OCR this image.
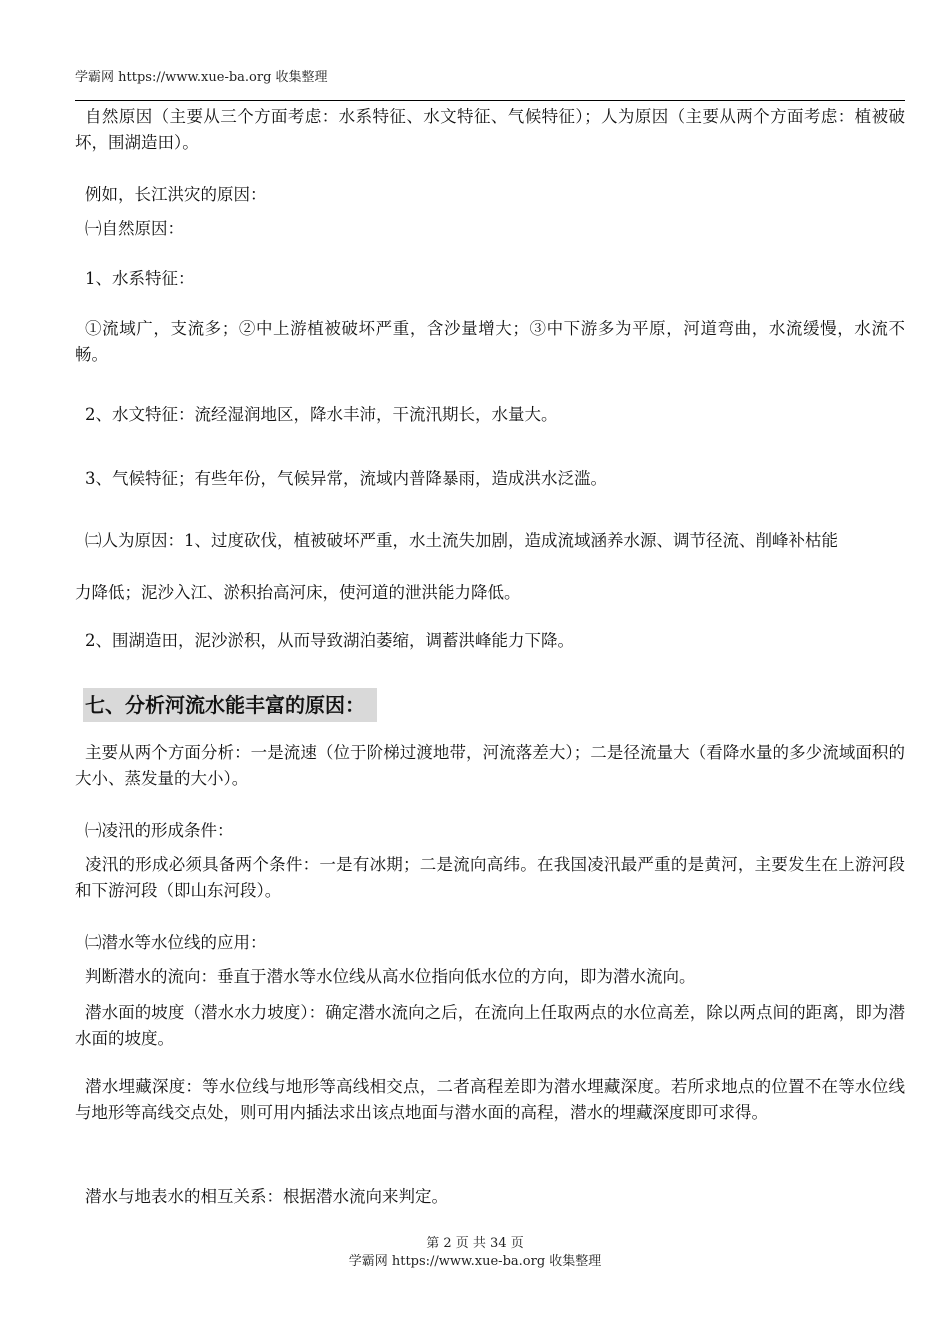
学霸网 https://www.xue-ba.org 收集整理
自然原因（主要从三个方面考虑：水系特征、水文特征、气候特征）；人为原因（主要从两个方面考虑：植被破坏，围湖造田）。
例如，长江洪灾的原因：
㈠自然原因：
1、水系特征：
①流域广，支流多；②中上游植被破坏严重，含沙量增大；③中下游多为平原，河道弯曲，水流缓慢，水流不畅。
2、水文特征：流经湿润地区，降水丰沛，干流汛期长，水量大。
3、气候特征；有些年份，气候异常，流域内普降暴雨，造成洪水泛滥。
㈡人为原因：1、过度砍伐，植被破坏严重，水土流失加剧，造成流域涵养水源、调节径流、削峰补枯能
力降低；泥沙入江、淤积抬高河床，使河道的泄洪能力降低。
2、围湖造田，泥沙淤积，从而导致湖泊萎缩，调蓄洪峰能力下降。
七、分析河流水能丰富的原因：
主要从两个方面分析：一是流速（位于阶梯过渡地带，河流落差大）；二是径流量大（看降水量的多少流域面积的大小、蒸发量的大小）。
㈠凌汛的形成条件：
凌汛的形成必须具备两个条件：一是有冰期；二是流向高纬。在我国凌汛最严重的是黄河，主要发生在上游河段和下游河段（即山东河段）。
㈡潜水等水位线的应用：
判断潜水的流向：垂直于潜水等水位线从高水位指向低水位的方向，即为潜水流向。
潜水面的坡度（潜水水力坡度）：确定潜水流向之后，在流向上任取两点的水位高差，除以两点间的距离，即为潜水面的坡度。
潜水埋藏深度：等水位线与地形等高线相交点，二者高程差即为潜水埋藏深度。若所求地点的位置不在等水位线与地形等高线交点处，则可用内插法求出该点地面与潜水面的高程，潜水的埋藏深度即可求得。
潜水与地表水的相互关系：根据潜水流向来判定。
第 2 页 共 34 页
学霸网 https://www.xue-ba.org 收集整理
